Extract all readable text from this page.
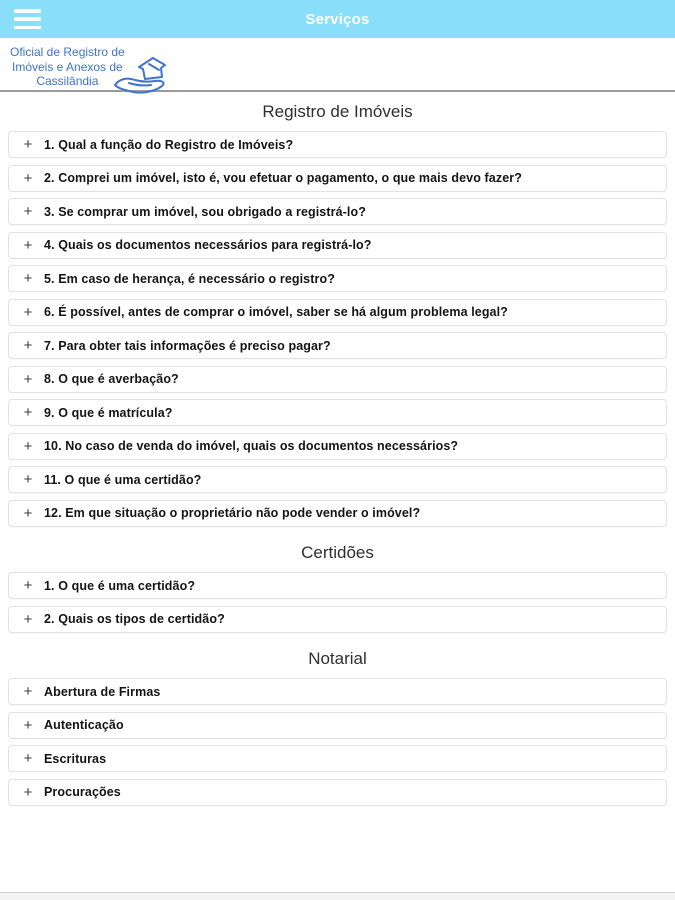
Serviços
Oficial de Registro de
Imóveis e Anexos de
Cassilândia
Registro de Imóveis
+ 1. Qual a função do Registro de Imóveis?
+ 2. Comprei um imóvel, isto é, vou efetuar o pagamento, o que mais devo fazer?
+ 3. Se comprar um imóvel, sou obrigado a registrá-lo?
+ 4. Quais os documentos necessários para registrá-lo?
+ 5. Em caso de herança, é necessário o registro?
+ 6. É possível, antes de comprar o imóvel, saber se há algum problema legal?
+ 7. Para obter tais informações é preciso pagar?
+ 8. O que é averbação?
+ 9. O que é matrícula?
+ 10. No caso de venda do imóvel, quais os documentos necessários?
+ 11. O que é uma certidão?
+ 12. Em que situação o proprietário não pode vender o imóvel?
Certidões
+ 1. O que é uma certidão?
+ 2. Quais os tipos de certidão?
Notarial
+ Abertura de Firmas
+ Autenticação
+ Escrituras
+ Procurações
